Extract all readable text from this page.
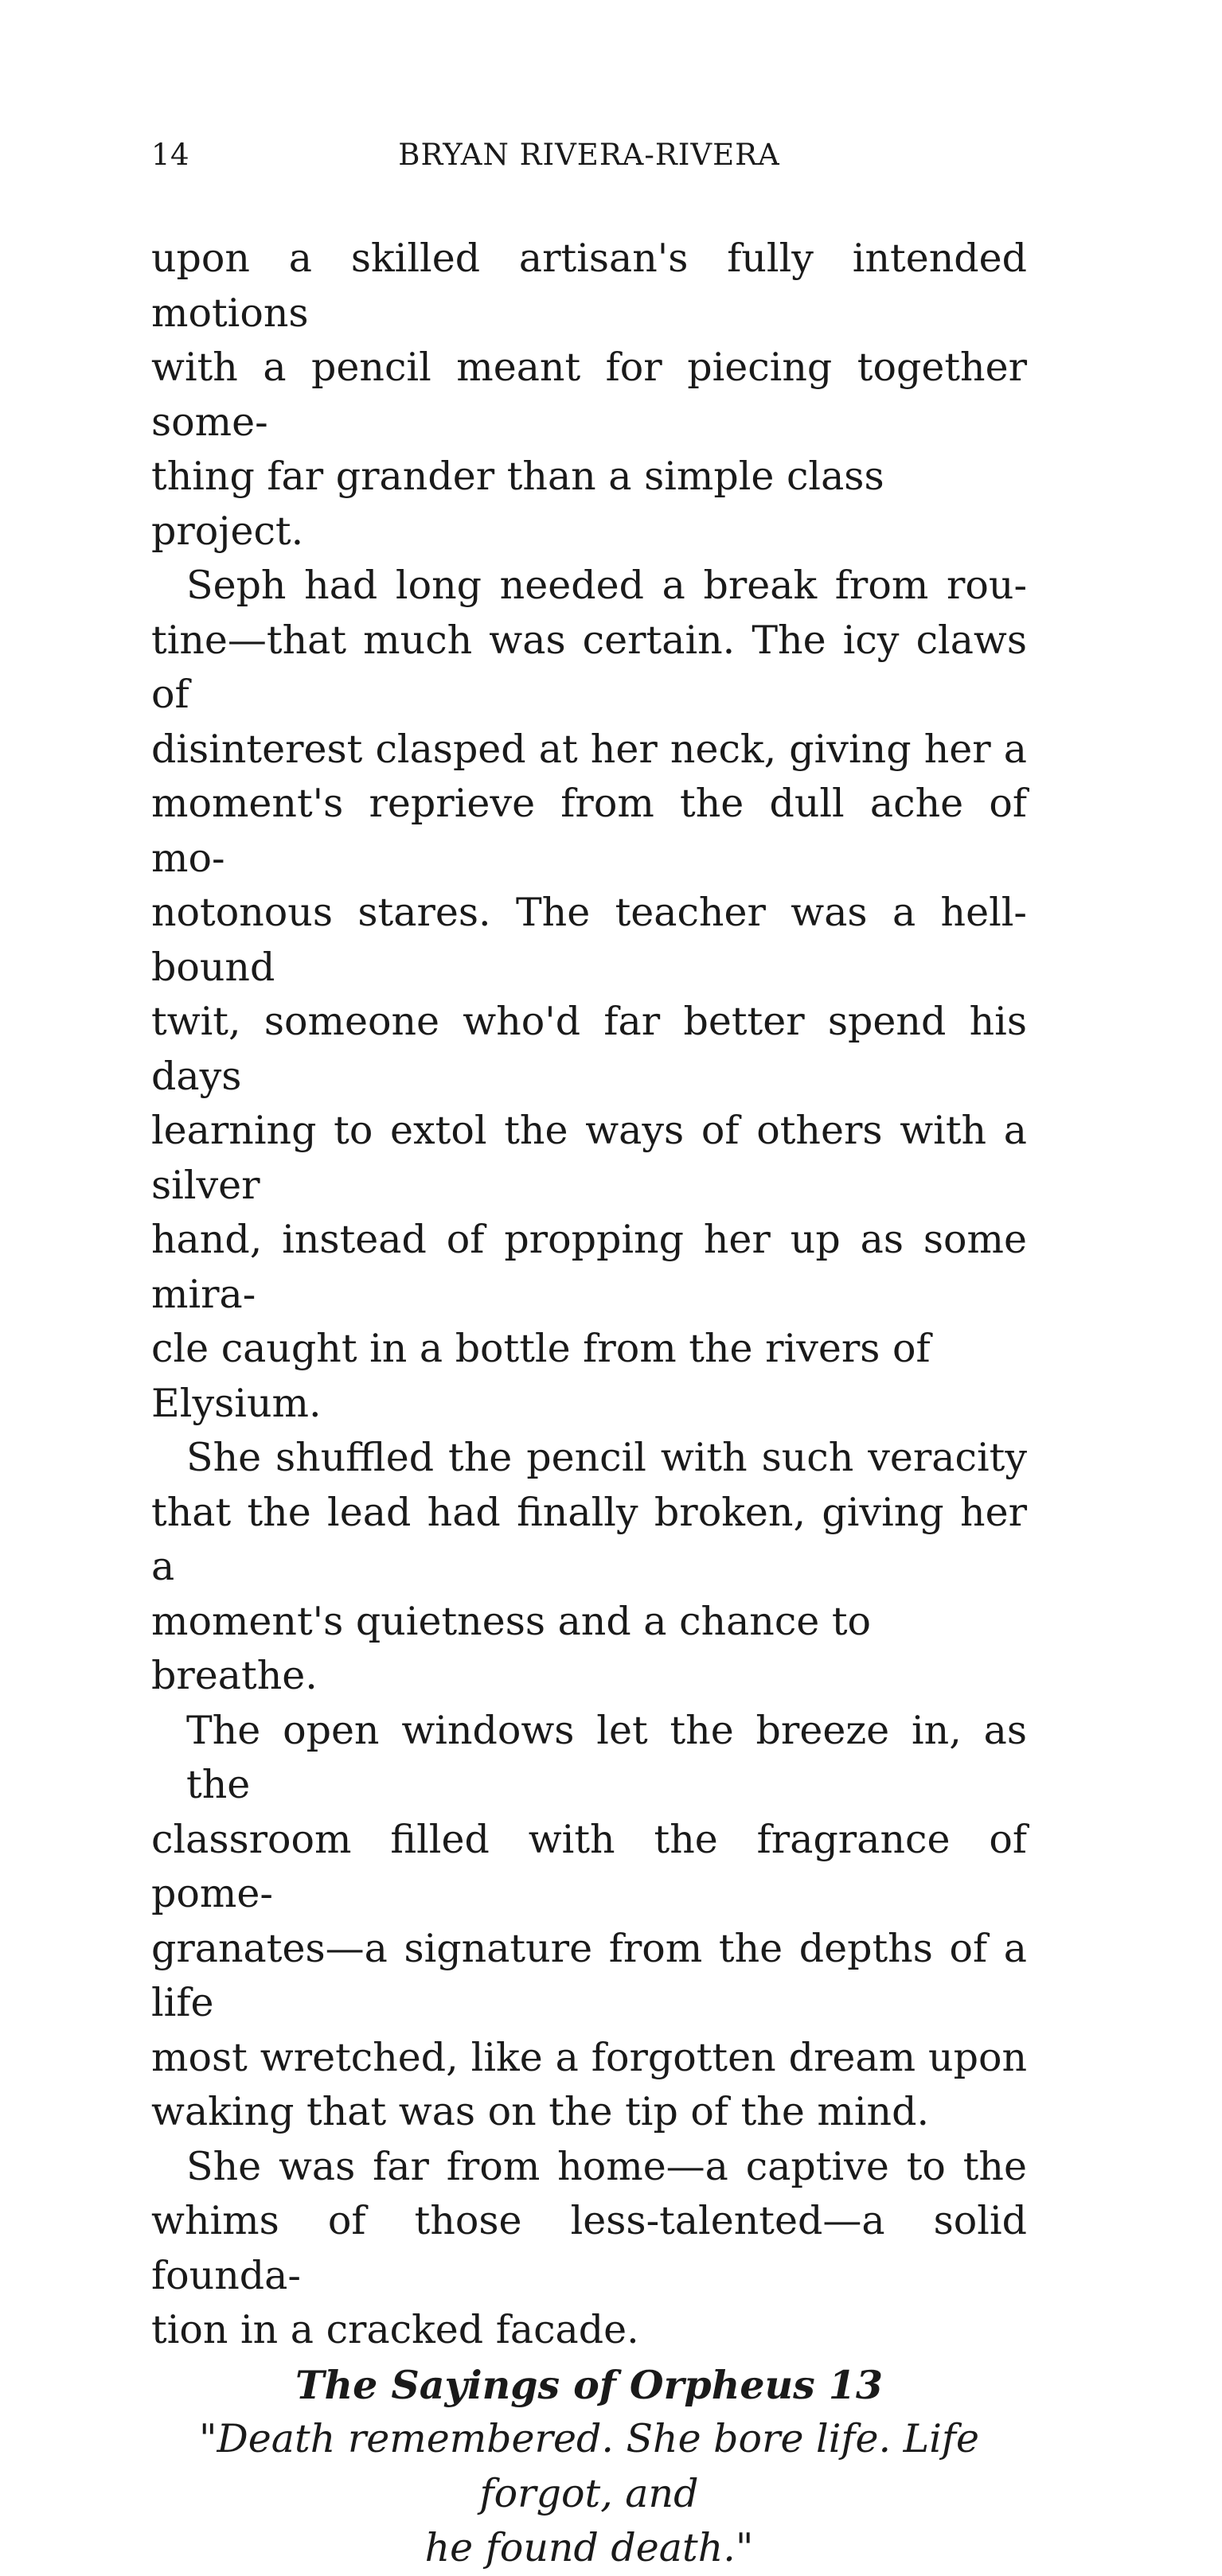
14	BRYAN RIVERA-RIVERA

upon a skilled artisan's fully intended motions
with a pencil meant for piecing together some-
thing far grander than a simple class project.

Seph had long needed a break from rou-
tine—that much was certain. The icy claws of
disinterest clasped at her neck, giving her a
moment's reprieve from the dull ache of mo-
notonous stares. The teacher was a hell-bound
twit, someone who'd far better spend his days
learning to extol the ways of others with a silver
hand, instead of propping her up as some mira-
cle caught in a bottle from the rivers of Elysium.

She shuffled the pencil with such veracity
that the lead had finally broken, giving her a
moment's quietness and a chance to breathe.

The open windows let the breeze in, as the
classroom filled with the fragrance of pome-
granates—a signature from the depths of a life
most wretched, like a forgotten dream upon
waking that was on the tip of the mind.

She was far from home—a captive to the
whims of those less-talented—a solid founda-
tion in a cracked facade.

The Sayings of Orpheus 13

"Death remembered. She bore life. Life forgot, and
he found death."
